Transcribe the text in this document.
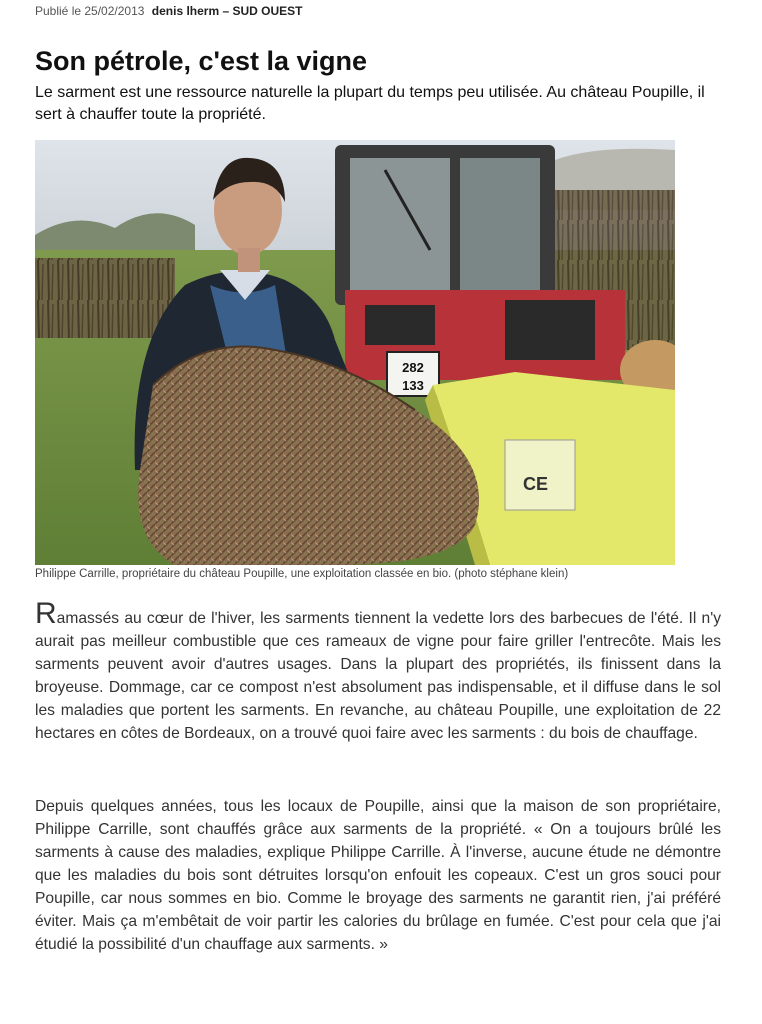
Publié le 25/02/2013 denis lherm – SUD OUEST
Son pétrole, c'est la vigne

Le sarment est une ressource naturelle la plupart du temps peu utilisée. Au château Poupille, il sert à chauffer toute la propriété.

282
133
CE
Philippe Carrille, propriétaire du château Poupille, une exploitation classée en bio. (photo stéphane klein)

Ramassés au cœur de l'hiver, les sarments tiennent la vedette lors des barbecues de l'été. Il n'y aurait pas meilleur combustible que ces rameaux de vigne pour faire griller l'entrecôte. Mais les sarments peuvent avoir d'autres usages. Dans la plupart des propriétés, ils finissent dans la broyeuse. Dommage, car ce compost n'est absolument pas indispensable, et il diffuse dans le sol les maladies que portent les sarments. En revanche, au château Poupille, une exploitation de 22 hectares en côtes de Bordeaux, on a trouvé quoi faire avec les sarments : du bois de chauffage.

Depuis quelques années, tous les locaux de Poupille, ainsi que la maison de son propriétaire, Philippe Carrille, sont chauffés grâce aux sarments de la propriété. « On a toujours brûlé les sarments à cause des maladies, explique Philippe Carrille. À l'inverse, aucune étude ne démontre que les maladies du bois sont détruites lorsqu'on enfouit les copeaux. C'est un gros souci pour Poupille, car nous sommes en bio. Comme le broyage des sarments ne garantit rien, j'ai préféré éviter. Mais ça m'embêtait de voir partir les calories du brûlage en fumée. C'est pour cela que j'ai étudié la possibilité d'un chauffage aux sarments. »
